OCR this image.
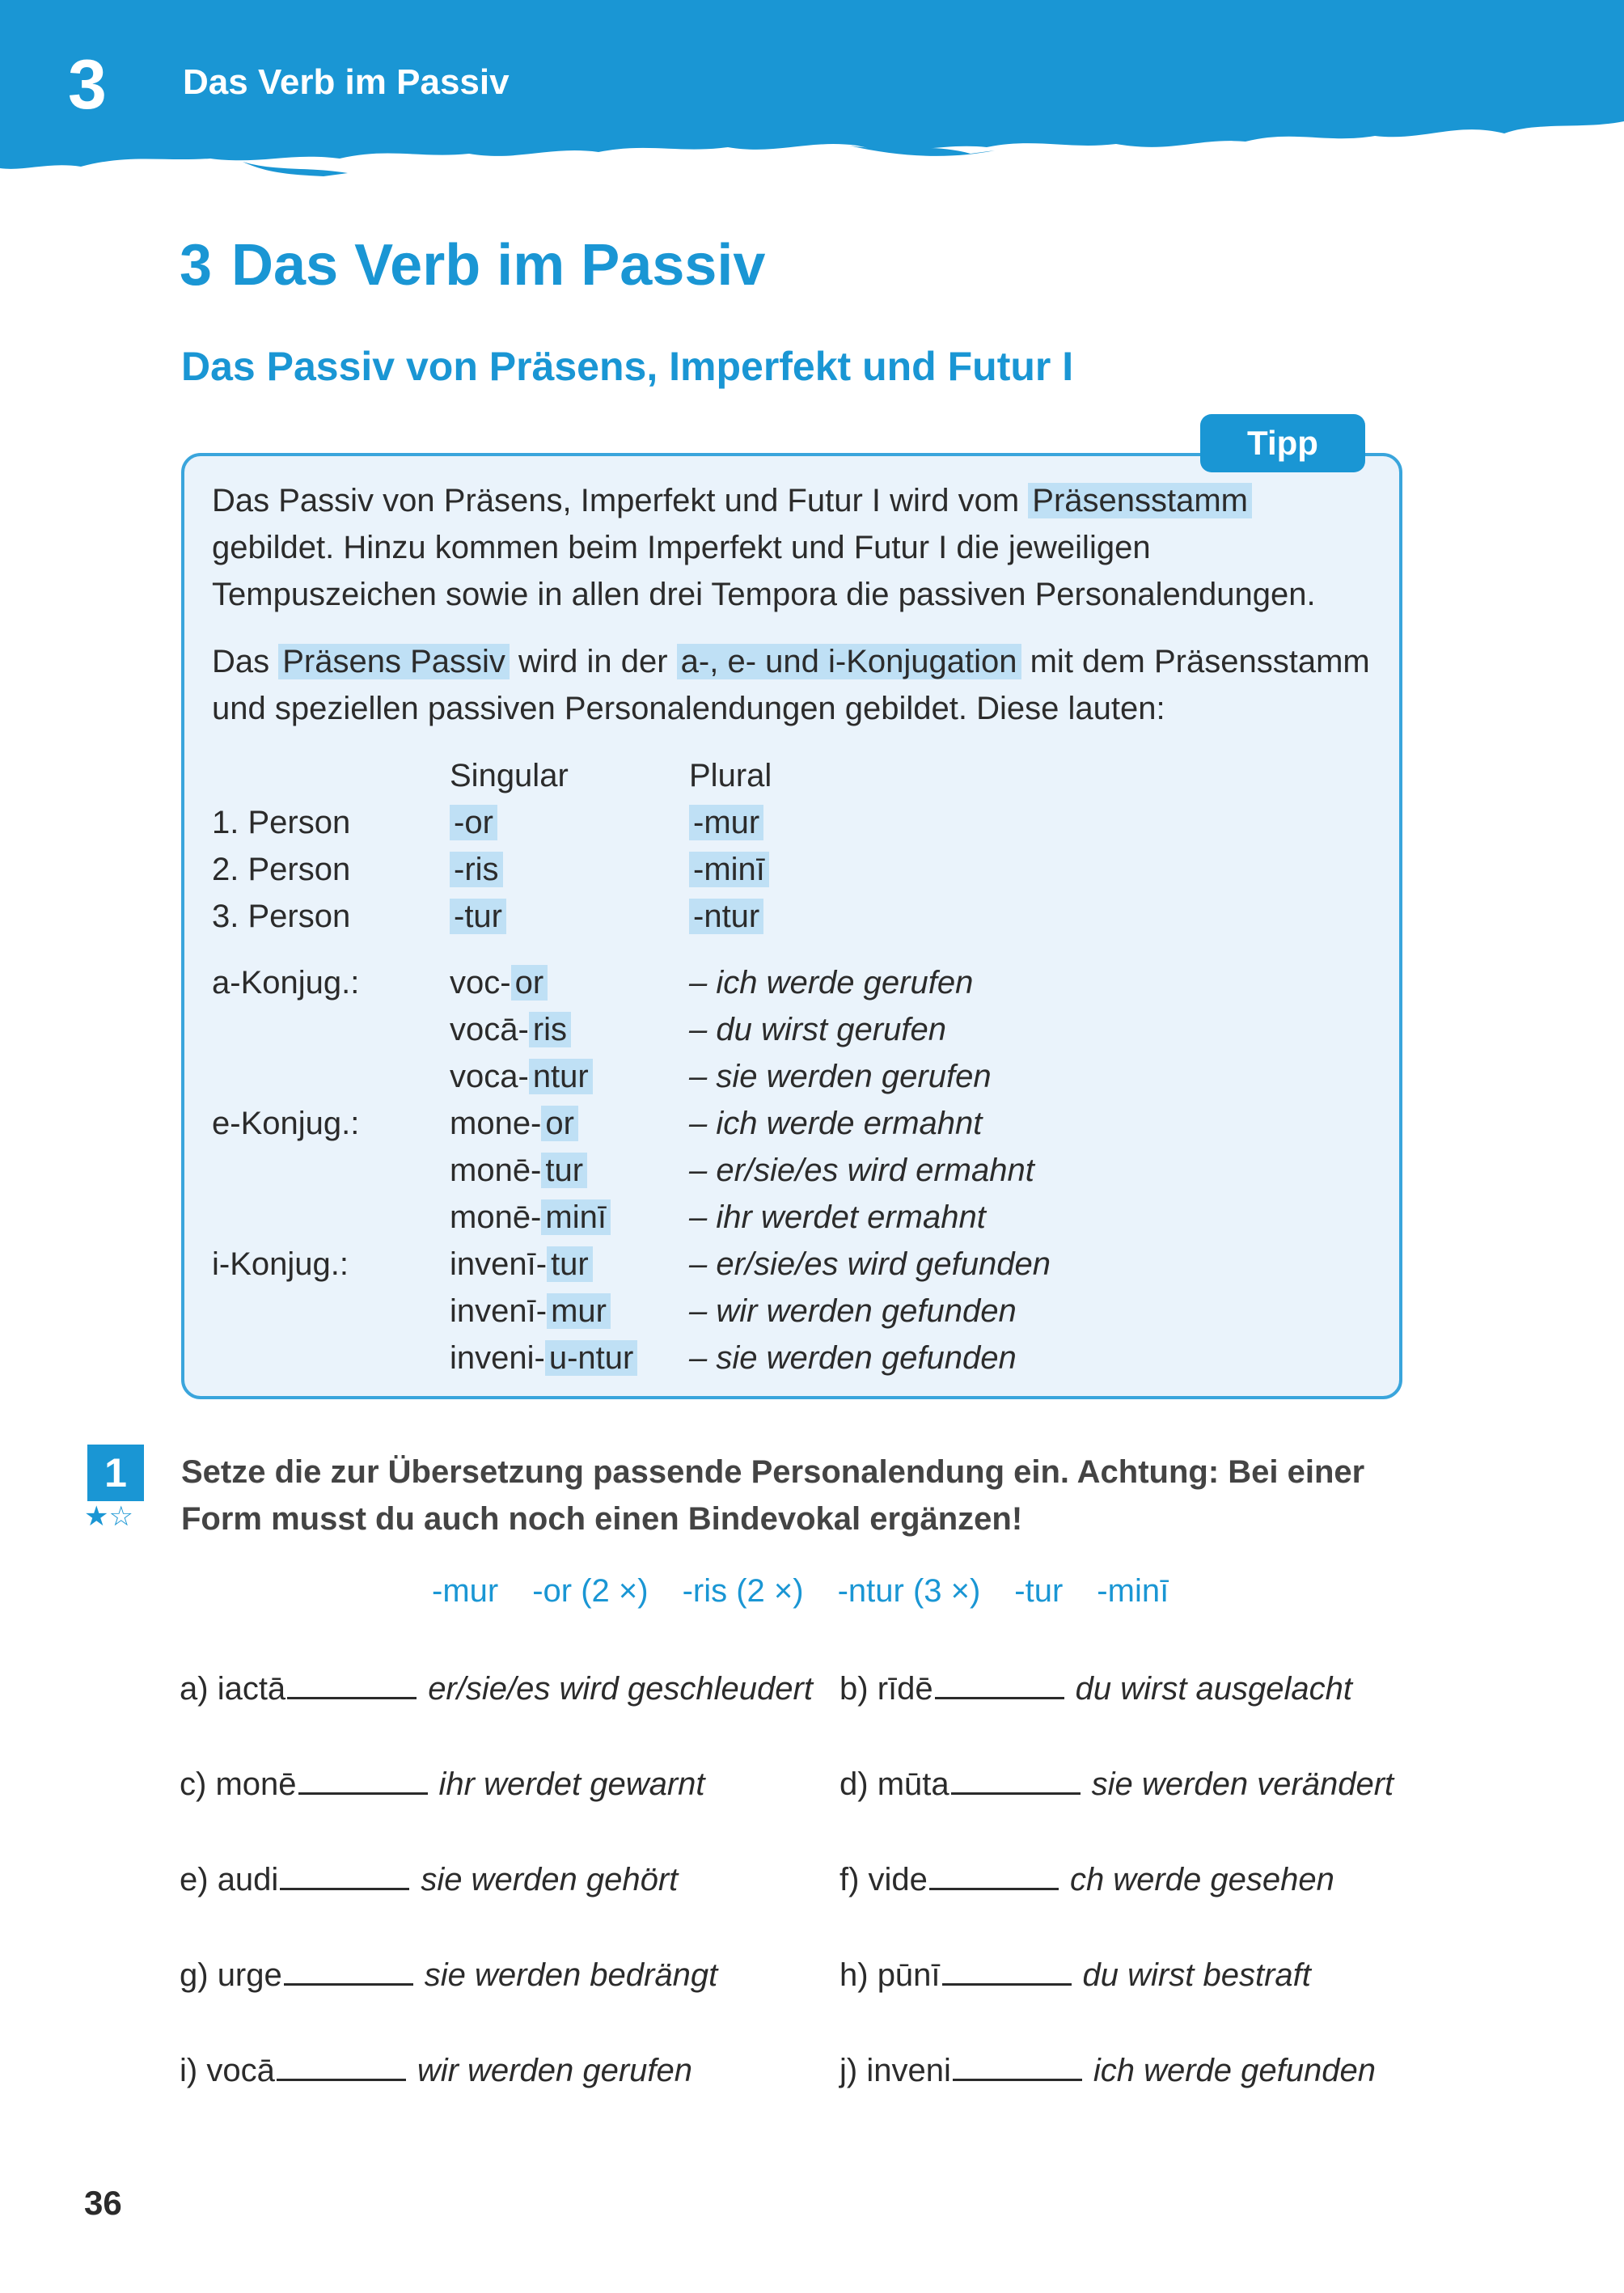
3 Das Verb im Passiv
3 Das Verb im Passiv
Das Passiv von Präsens, Imperfekt und Futur I
Tipp
Das Passiv von Präsens, Imperfekt und Futur I wird vom Präsensstamm gebildet. Hinzu kommen beim Imperfekt und Futur I die jeweiligen Tempuszeichen sowie in allen drei Tempora die passiven Personalendungen.
Das Präsens Passiv wird in der a-, e- und i-Konjugation mit dem Präsensstamm und speziellen passiven Personalendungen gebildet. Diese lauten:
Singular	Plural
1. Person	-or	-mur
2. Person	-ris	-minī
3. Person	-tur	-ntur
a-Konjug.:	voc- or	– ich werde gerufen
vocā- ris	– du wirst gerufen
voca- ntur	– sie werden gerufen
e-Konjug.:	mone- or	– ich werde ermahnt
monē- tur	– er/sie/es wird ermahnt
monē- minī	– ihr werdet ermahnt
i-Konjug.:	invenī- tur	– er/sie/es wird gefunden
invenī- mur	– wir werden gefunden
inveni- u-ntur – sie werden gefunden
1
★☆
Setze die zur Übersetzung passende Personalendung ein. Achtung: Bei einer Form musst du auch noch einen Bindevokal ergänzen!
-mur -or (2 ×) -ris (2 ×) -ntur (3 ×) -tur -minī
a) iactā	er/sie/es wird geschleudert b) rīdē	du wirst ausgelacht
c) monē	ihr werdet gewarnt	d) mūta	sie werden verändert
e) audi	sie werden gehört	f) vide	ch werde gesehen
g) urge	sie werden bedrängt	h) pūnī	du wirst bestraft
i) vocā	wir werden gerufen	j) inveni	ich werde gefunden
36
